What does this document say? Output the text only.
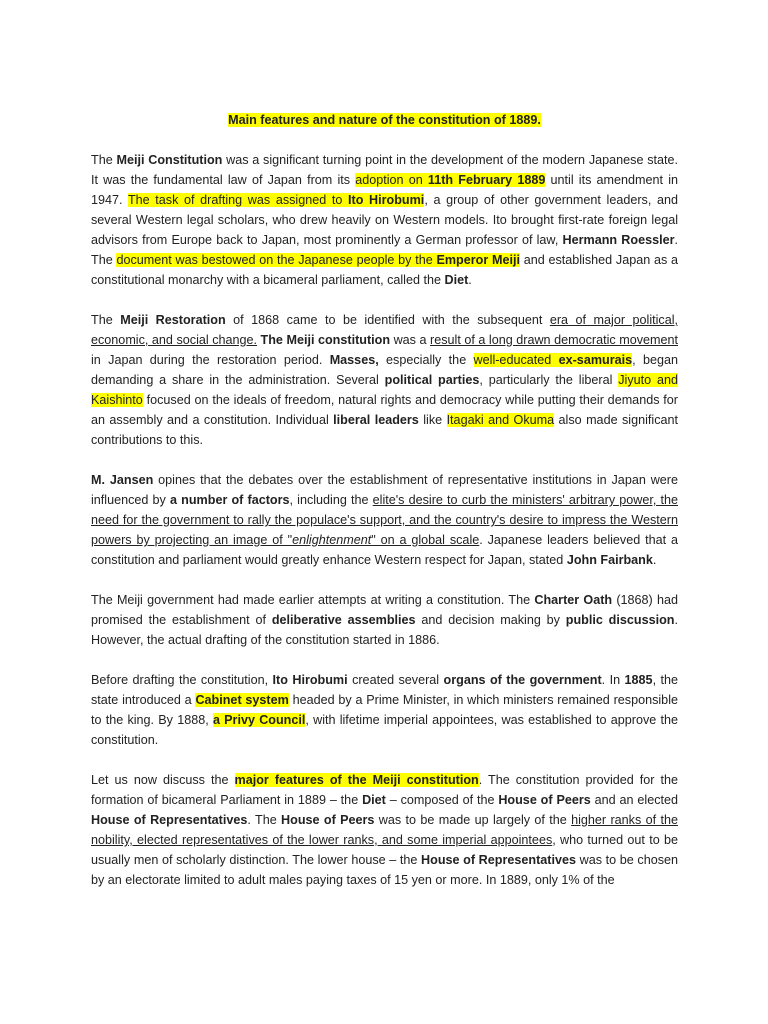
Main features and nature of the constitution of 1889.

The Meiji Constitution was a significant turning point in the development of the modern Japanese state. It was the fundamental law of Japan from its adoption on 11th February 1889 until its amendment in 1947. The task of drafting was assigned to Ito Hirobumi, a group of other government leaders, and several Western legal scholars, who drew heavily on Western models. Ito brought first-rate foreign legal advisors from Europe back to Japan, most prominently a German professor of law, Hermann Roessler. The document was bestowed on the Japanese people by the Emperor Meiji and established Japan as a constitutional monarchy with a bicameral parliament, called the Diet.

The Meiji Restoration of 1868 came to be identified with the subsequent era of major political, economic, and social change. The Meiji constitution was a result of a long drawn democratic movement in Japan during the restoration period. Masses, especially the well-educated ex-samurais, began demanding a share in the administration. Several political parties, particularly the liberal Jiyuto and Kaishinto focused on the ideals of freedom, natural rights and democracy while putting their demands for an assembly and a constitution. Individual liberal leaders like Itagaki and Okuma also made significant contributions to this.

M. Jansen opines that the debates over the establishment of representative institutions in Japan were influenced by a number of factors, including the elite's desire to curb the ministers' arbitrary power, the need for the government to rally the populace's support, and the country's desire to impress the Western powers by projecting an image of "enlightenment" on a global scale. Japanese leaders believed that a constitution and parliament would greatly enhance Western respect for Japan, stated John Fairbank.

The Meiji government had made earlier attempts at writing a constitution. The Charter Oath (1868) had promised the establishment of deliberative assemblies and decision making by public discussion. However, the actual drafting of the constitution started in 1886.

Before drafting the constitution, Ito Hirobumi created several organs of the government. In 1885, the state introduced a Cabinet system headed by a Prime Minister, in which ministers remained responsible to the king. By 1888, a Privy Council, with lifetime imperial appointees, was established to approve the constitution.

Let us now discuss the major features of the Meiji constitution. The constitution provided for the formation of bicameral Parliament in 1889 – the Diet – composed of the House of Peers and an elected House of Representatives. The House of Peers was to be made up largely of the higher ranks of the nobility, elected representatives of the lower ranks, and some imperial appointees, who turned out to be usually men of scholarly distinction. The lower house – the House of Representatives was to be chosen by an electorate limited to adult males paying taxes of 15 yen or more. In 1889, only 1% of the
